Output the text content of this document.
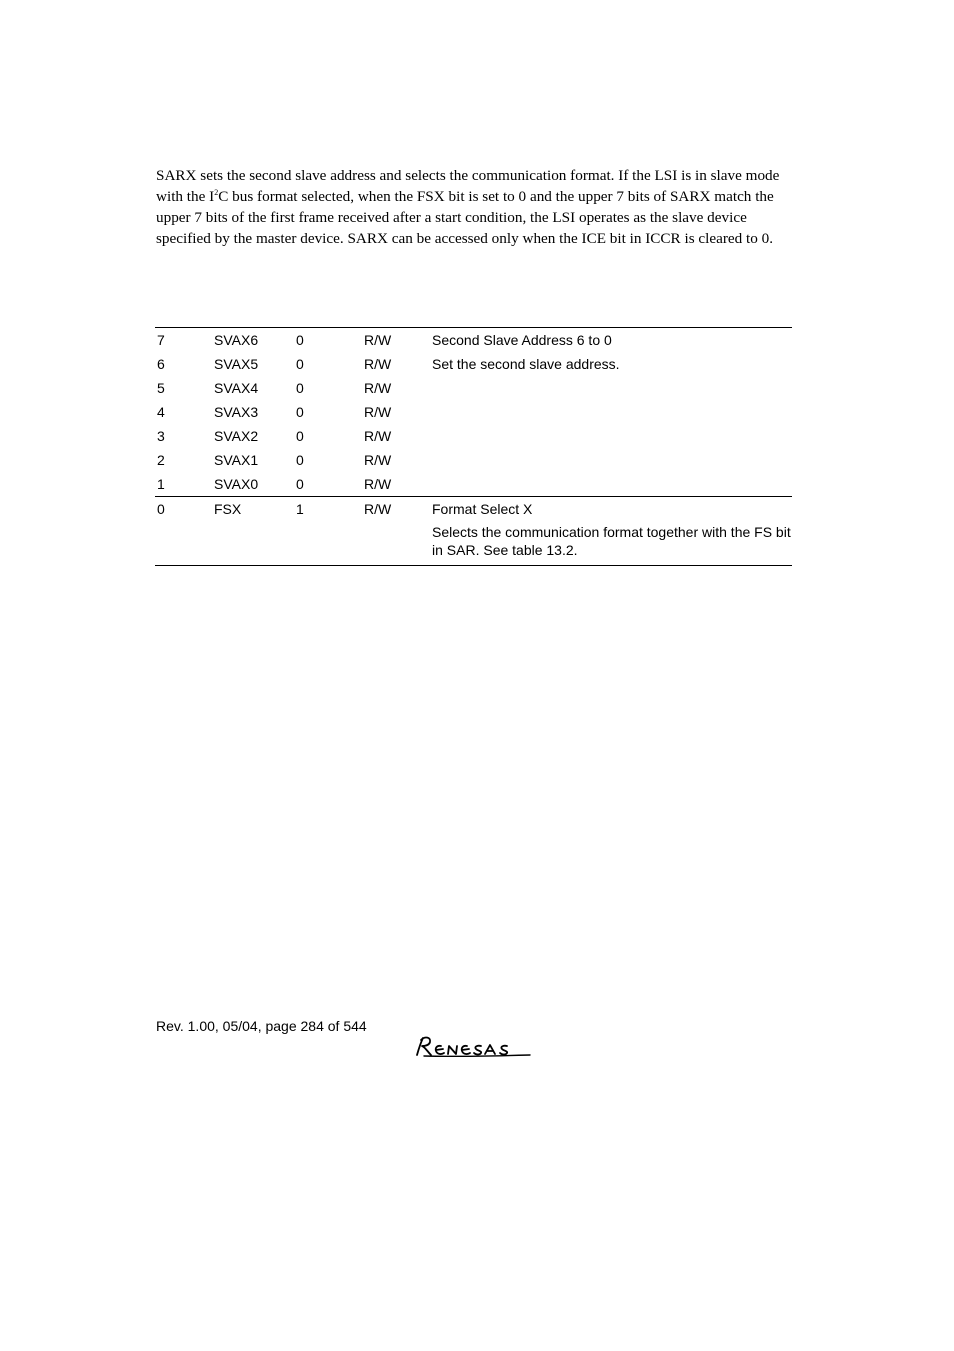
SARX sets the second slave address and selects the communication format. If the LSI is in slave mode with the $I^2C$ bus format selected, when the FSX bit is set to 0 and the upper 7 bits of SARX match the upper 7 bits of the first frame received after a start condition, the LSI operates as the slave device specified by the master device. SARX can be accessed only when the ICE bit in ICCR is cleared to 0.
7	SVAX6	0	R/W	Second Slave Address 6 to 0
6	SVAX5	0	R/W	Set the second slave address.
5	SVAX4	0	R/W	
4	SVAX3	0	R/W	
3	SVAX2	0	R/W	
2	SVAX1	0	R/W	
1	SVAX0	0	R/W	
0	FSX	1	R/W	Format Select X
Selects the communication format together with the FS bit in SAR. See table 13.2.
Rev. 1.00, 05/04, page 284 of 544
